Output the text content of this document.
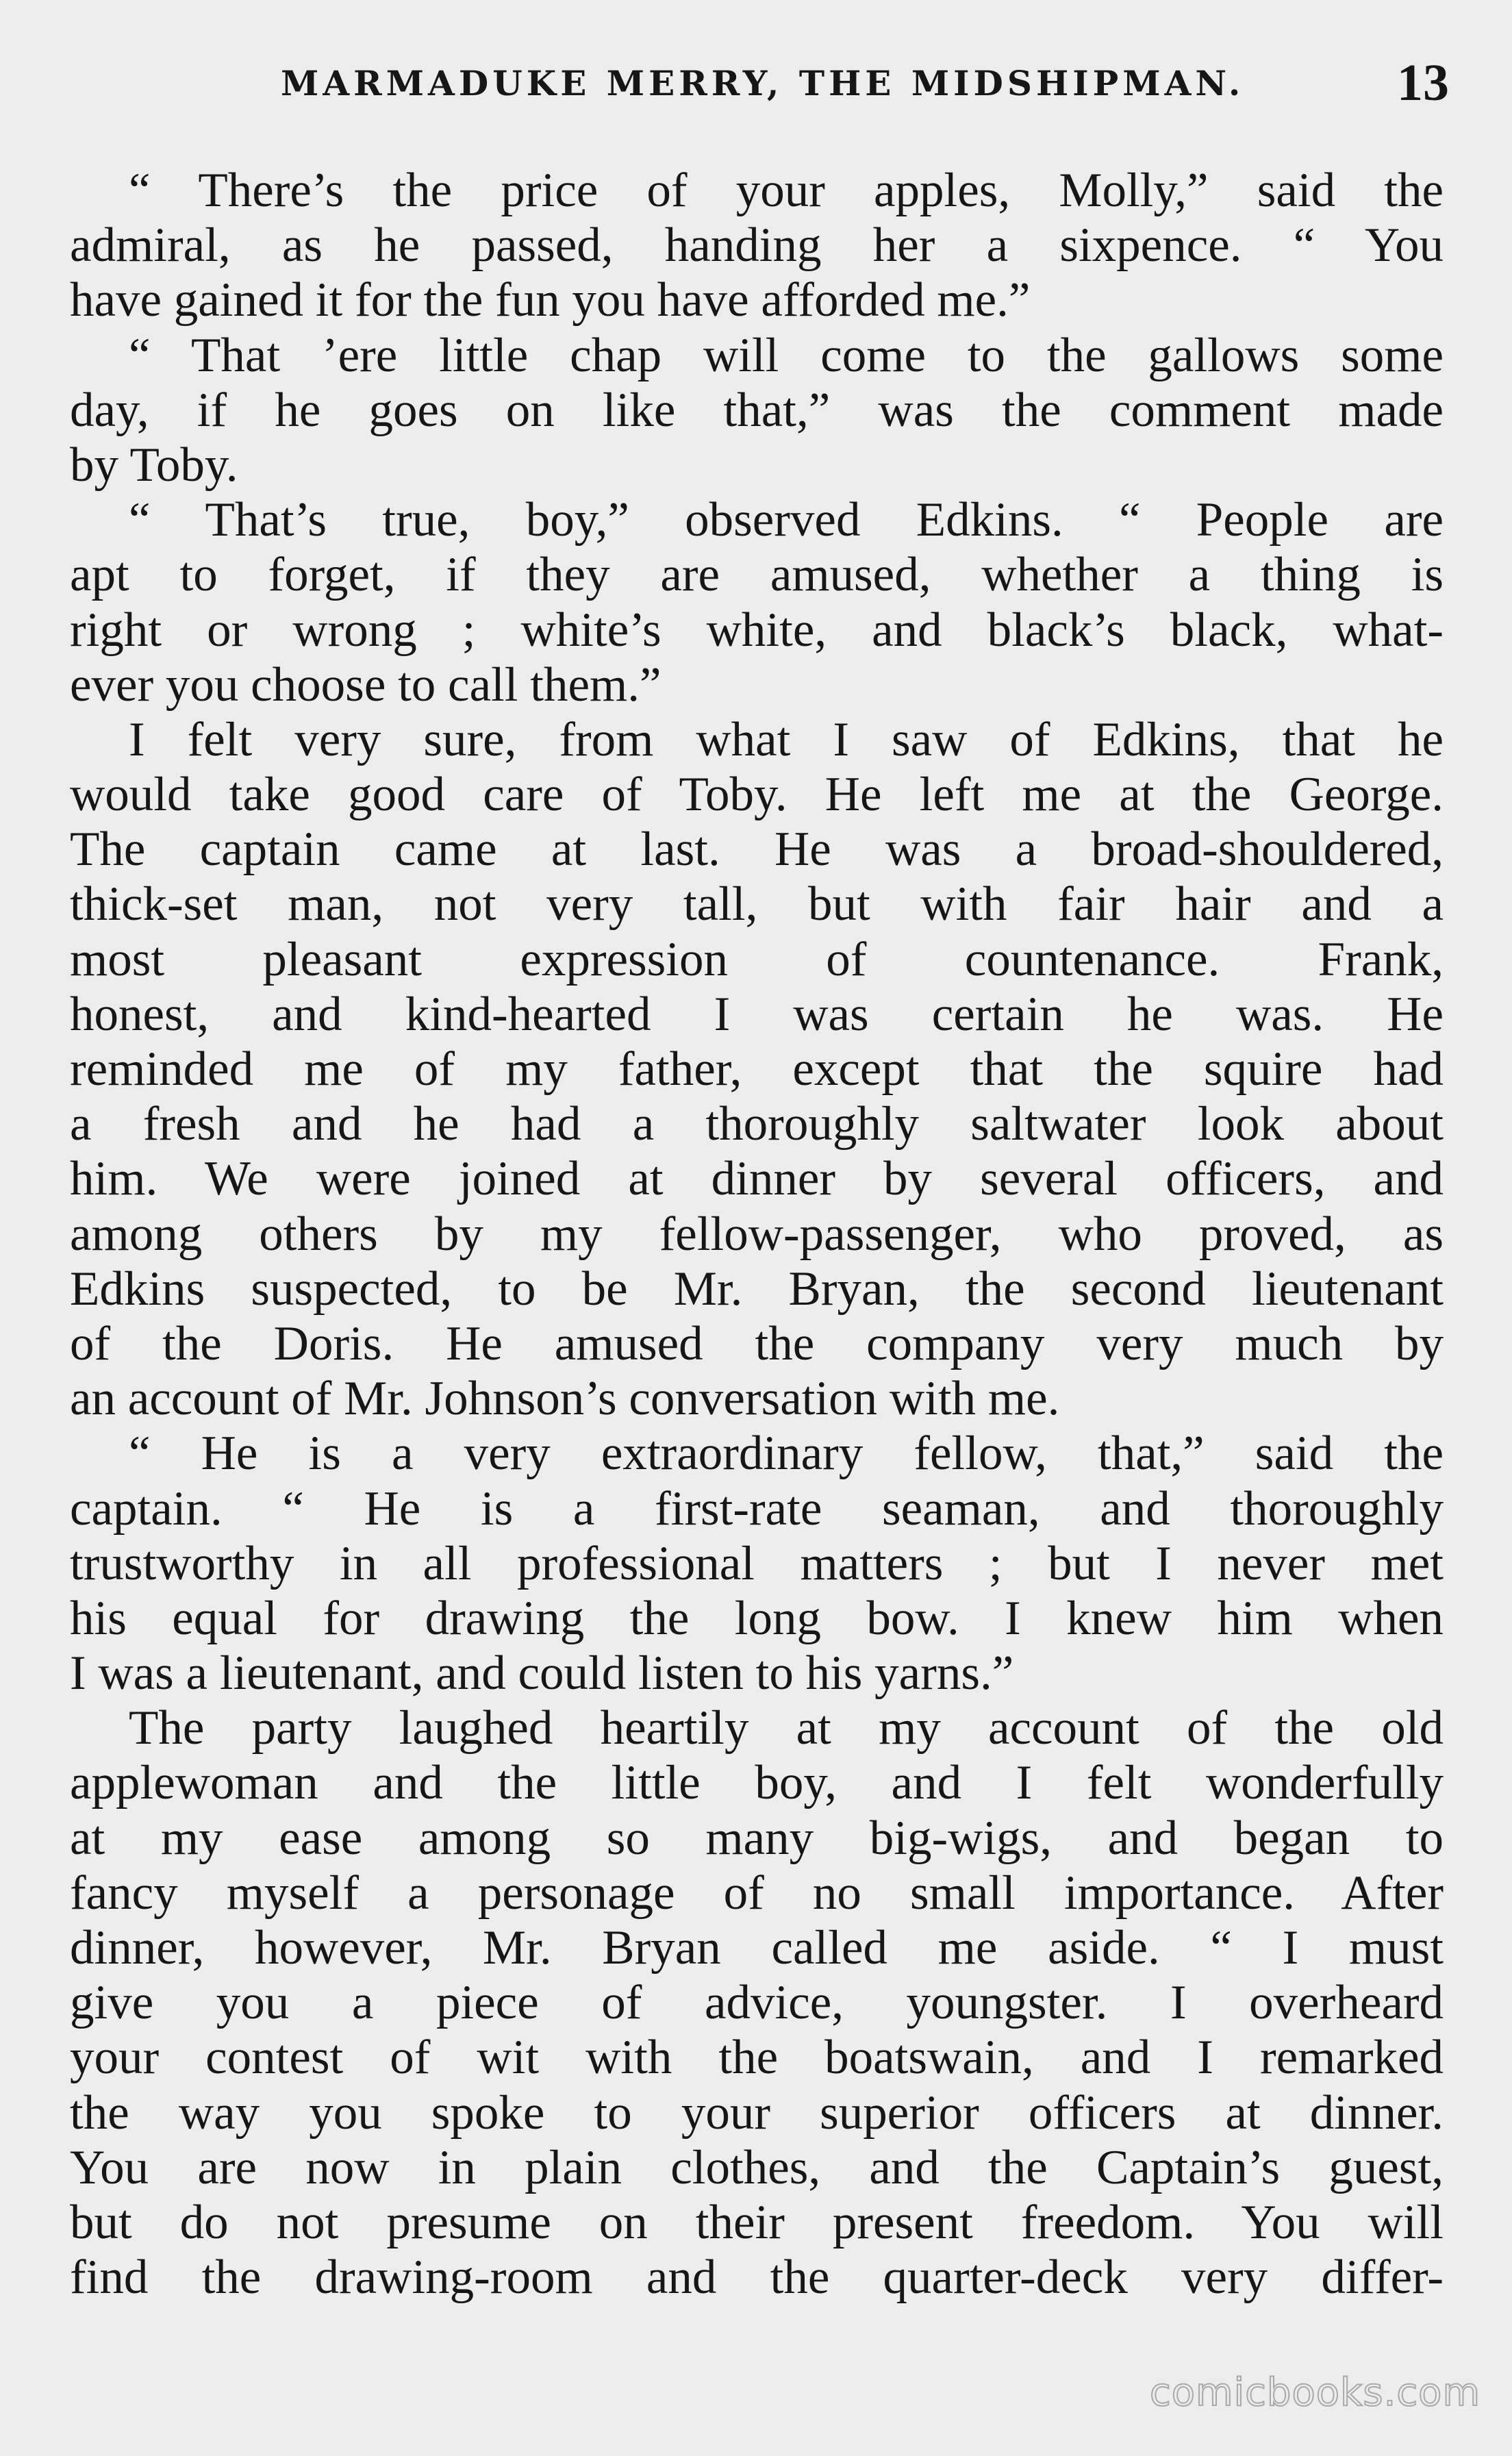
MARMADUKE MERRY, THE MIDSHIPMAN.	13
“ There’s the price of your apples, Molly,” said the
admiral, as he passed, handing her a sixpence. “ You
have gained it for the fun you have afforded me.”
“ That ’ere little chap will come to the gallows some
day, if he goes on like that,” was the comment made
by Toby.
“ That’s true, boy,” observed Edkins. “ People are
apt to forget, if they are amused, whether a thing is
right or wrong ; white’s white, and black’s black, what-
ever you choose to call them.”
I felt very sure, from what I saw of Edkins, that he
would take good care of Toby. He left me at the George.
The captain came at last. He was a broad-shouldered,
thick-set man, not very tall, but with fair hair and a
most pleasant expression of countenance. Frank,
honest, and kind-hearted I was certain he was. He
reminded me of my father, except that the squire had
a fresh and he had a thoroughly saltwater look about
him. We were joined at dinner by several officers, and
among others by my fellow-passenger, who proved, as
Edkins suspected, to be Mr. Bryan, the second lieutenant
of the Doris. He amused the company very much by
an account of Mr. Johnson’s conversation with me.
“ He is a very extraordinary fellow, that,” said the
captain. “ He is a first-rate seaman, and thoroughly
trustworthy in all professional matters ; but I never met
his equal for drawing the long bow. I knew him when
I was a lieutenant, and could listen to his yarns.”
The party laughed heartily at my account of the old
applewoman and the little boy, and I felt wonderfully
at my ease among so many big-wigs, and began to
fancy myself a personage of no small importance. After
dinner, however, Mr. Bryan called me aside. “ I must
give you a piece of advice, youngster. I overheard
your contest of wit with the boatswain, and I remarked
the way you spoke to your superior officers at dinner.
You are now in plain clothes, and the Captain’s guest,
but do not presume on their present freedom. You will
find the drawing-room and the quarter-deck very differ-
comicbooks.com
